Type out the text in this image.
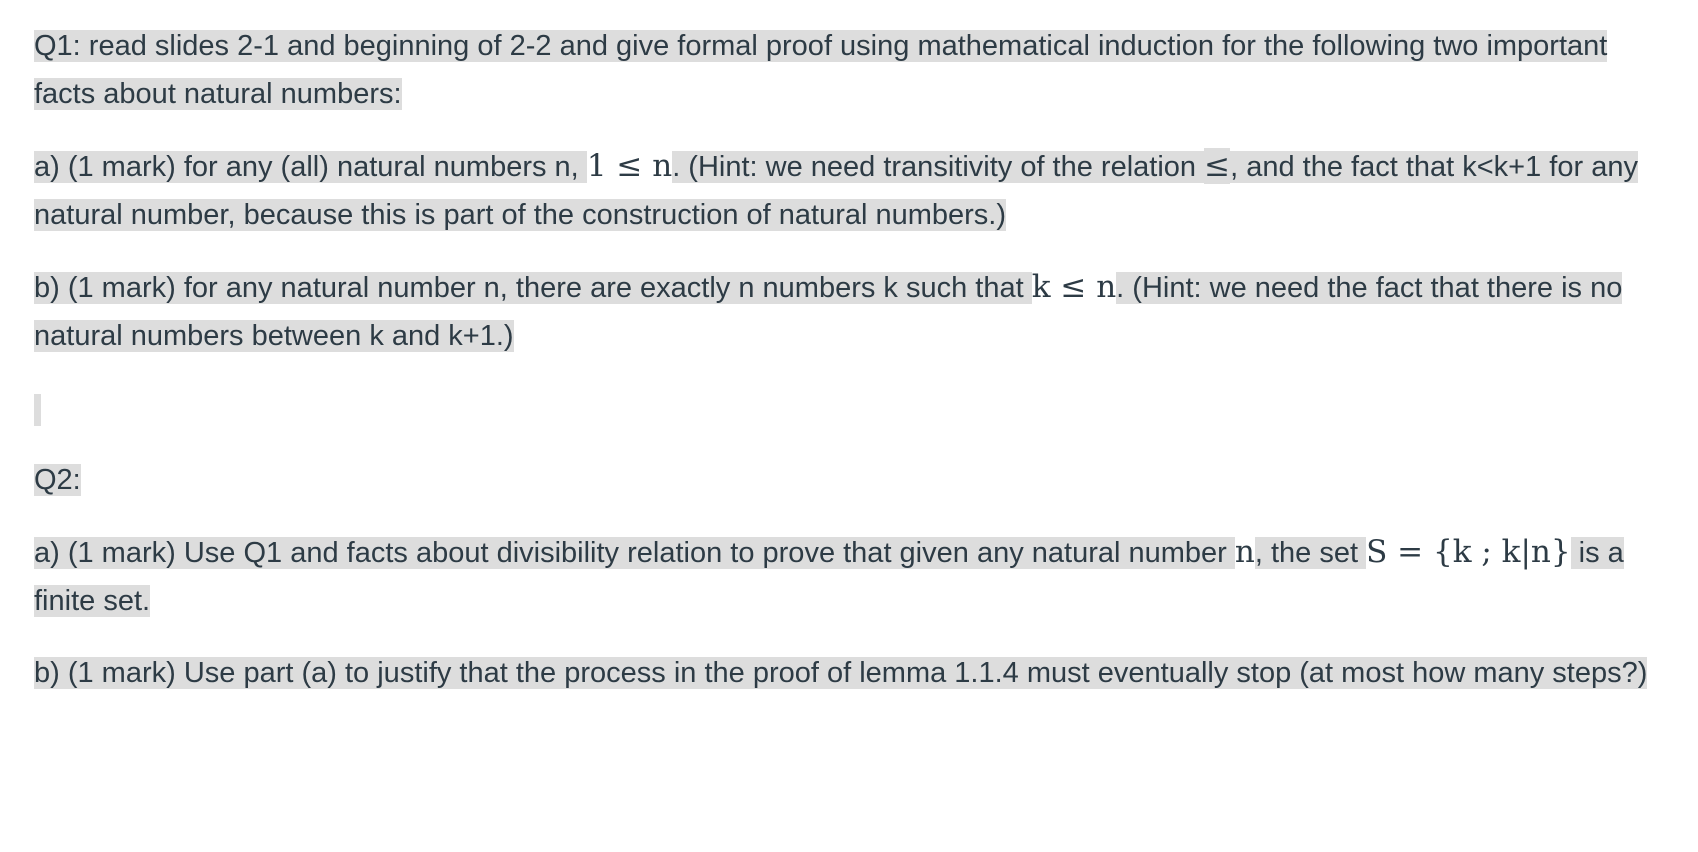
Q1: read slides 2-1 and beginning of 2-2 and give formal proof using mathematical induction for the following two important facts about natural numbers:

a) (1 mark) for any (all) natural numbers n, 1 ≤ n. (Hint: we need transitivity of the relation ≤, and the fact that k<k+1 for any natural number, because this is part of the construction of natural numbers.)

b) (1 mark) for any natural number n, there are exactly n numbers k such that k ≤ n. (Hint: we need the fact that there is no natural numbers between k and k+1.)

Q2:

a) (1 mark) Use Q1 and facts about divisibility relation to prove that given any natural number n, the set S = {k ; k|n} is a finite set.

b) (1 mark) Use part (a) to justify that the process in the proof of lemma 1.1.4 must eventually stop (at most how many steps?)
